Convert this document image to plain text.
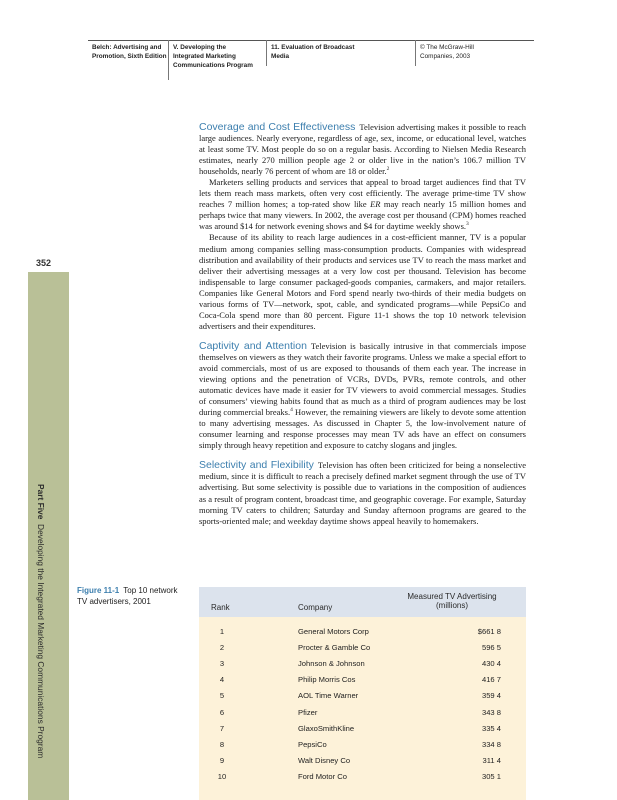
Belch: Advertising and
Promotion, Sixth Edition
V. Developing the
Integrated Marketing
Communications Program
11. Evaluation of Broadcast
Media
© The McGraw-Hill
Companies, 2003
352
Part Five  Developing the Integrated Marketing Communications Program

Coverage and Cost Effectiveness Television advertising makes it possible to reach large audiences. Nearly everyone, regardless of age, sex, income, or educational level, watches at least some TV. Most people do so on a regular basis. According to Nielsen Media Research estimates, nearly 270 million people age 2 or older live in the nation’s 106.7 million TV households, nearly 76 percent of whom are 18 or older.$^2$

Marketers selling products and services that appeal to broad target audiences find that TV lets them reach mass markets, often very cost efficiently. The average prime-time TV show reaches 7 million homes; a top-rated show like ER may reach nearly 15 million homes and perhaps twice that many viewers. In 2002, the average cost per thousand (CPM) homes reached was around $14 for network evening shows and $4 for daytime weekly shows.$^3$

Because of its ability to reach large audiences in a cost-efficient manner, TV is a popular medium among companies selling mass-consumption products. Companies with widespread distribution and availability of their products and services use TV to reach the mass market and deliver their advertising messages at a very low cost per thousand. Television has become indispensable to large consumer packaged-goods companies, carmakers, and major retailers. Companies like General Motors and Ford spend nearly two-thirds of their media budgets on various forms of TV—network, spot, cable, and syndicated programs—while PepsiCo and Coca-Cola spend more than 80 percent. Figure 11-1 shows the top 10 network television advertisers and their expenditures.

Captivity and Attention Television is basically intrusive in that commercials impose themselves on viewers as they watch their favorite programs. Unless we make a special effort to avoid commercials, most of us are exposed to thousands of them each year. The increase in viewing options and the penetration of VCRs, DVDs, PVRs, remote controls, and other automatic devices have made it easier for TV viewers to avoid commercial messages. Studies of consumers’ viewing habits found that as much as a third of program audiences may be lost during commercial breaks.$^4$ However, the remaining viewers are likely to devote some attention to many advertising messages. As discussed in Chapter 5, the low-involvement nature of consumer learning and response processes may mean TV ads have an effect on consumers simply through heavy repetition and exposure to catchy slogans and jingles.

Selectivity and Flexibility Television has often been criticized for being a nonselective medium, since it is difficult to reach a precisely defined market segment through the use of TV advertising. But some selectivity is possible due to variations in the composition of audiences as a result of program content, broadcast time, and geographic coverage. For example, Saturday morning TV caters to children; Saturday and Sunday afternoon programs are geared to the sports-oriented male; and weekday daytime shows appeal heavily to homemakers.

Figure 11-1 Top 10 network TV advertisers, 2001
Rank	Company
Measured TV Advertising
(millions)
1	General Motors Corp	$661 8
2	Procter & Gamble Co	596 5
3	Johnson & Johnson	430 4
4	Philip Morris Cos	416 7
5	AOL Time Warner	359 4
6	Pfizer	343 8
7	GlaxoSmithKline	335 4
8	PepsiCo	334 8
9	Walt Disney Co	311 4
10	Ford Motor Co	305 1
